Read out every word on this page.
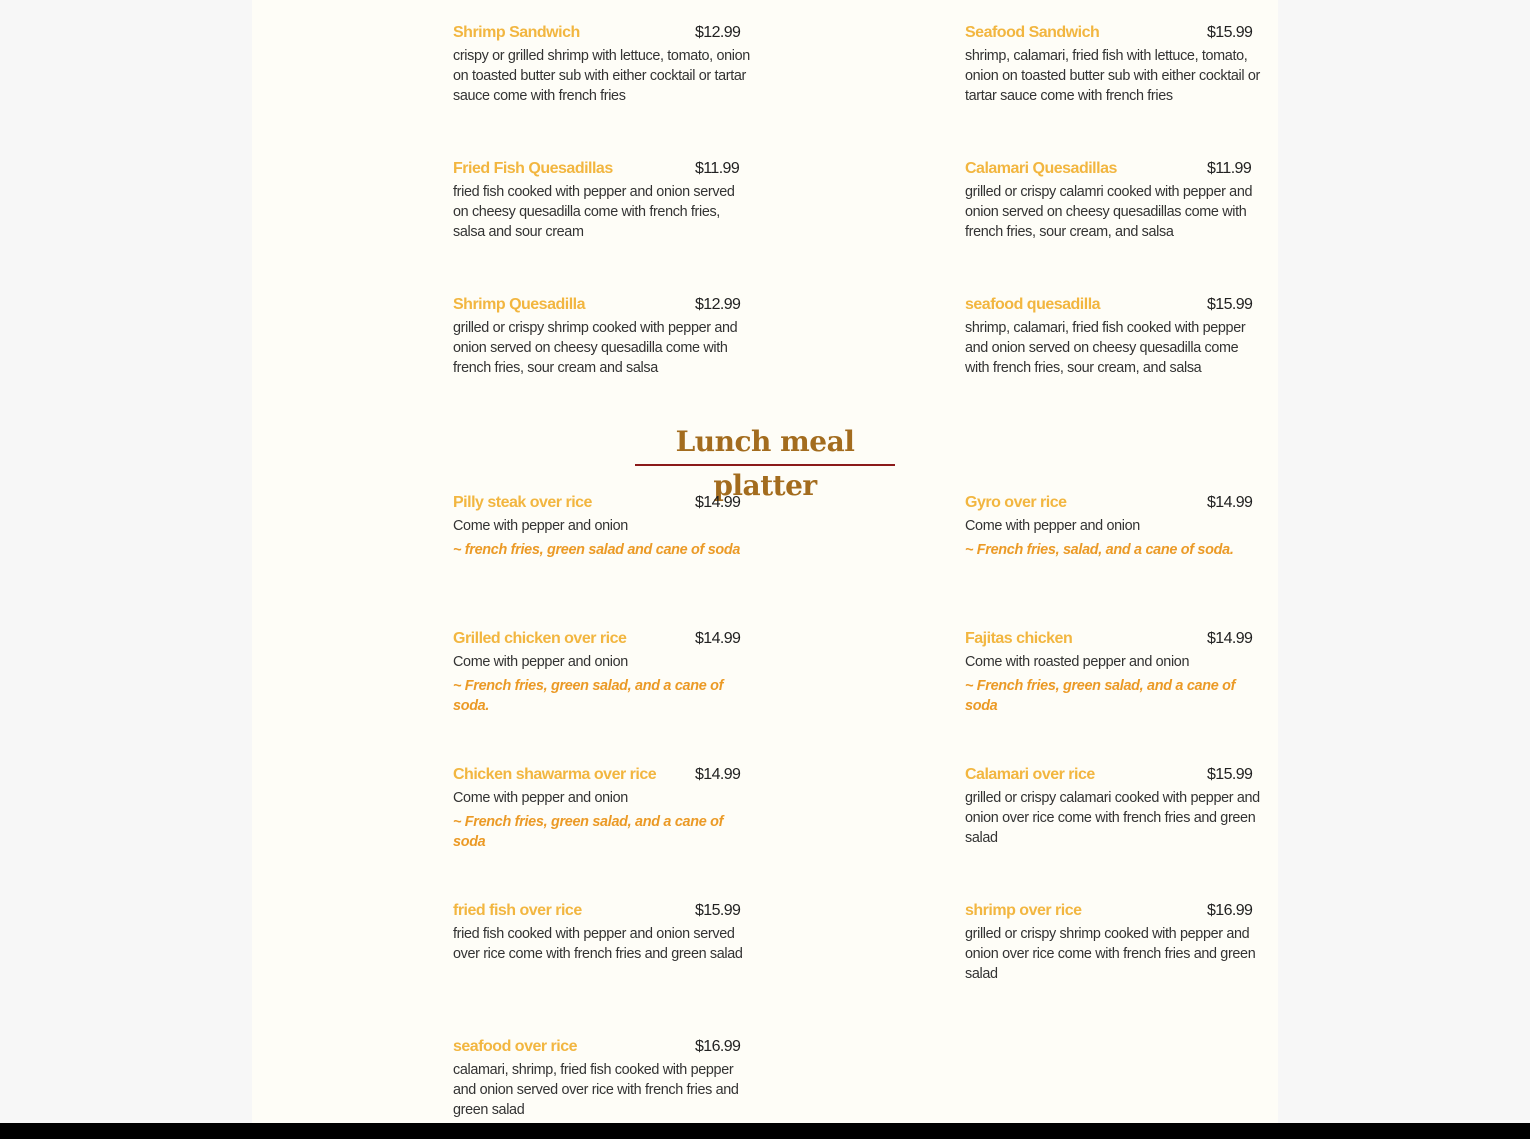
Shrimp Sandwich	$12.99
crispy or grilled shrimp with lettuce, tomato, onion on toasted butter sub with either cocktail or tartar sauce come with french fries
Seafood Sandwich	$15.99
shrimp, calamari, fried fish with lettuce, tomato, onion on toasted butter sub with either cocktail or tartar sauce come with french fries
Fried Fish Quesadillas	$11.99
fried fish cooked with pepper and onion served on cheesy quesadilla come with french fries, salsa and sour cream
Calamari Quesadillas	$11.99
grilled or crispy calamri cooked with pepper and onion served on cheesy quesadillas come with french fries, sour cream, and salsa
Shrimp Quesadilla	$12.99
grilled or crispy shrimp cooked with pepper and onion served on cheesy quesadilla come with french fries, sour cream and salsa
seafood quesadilla	$15.99
shrimp, calamari, fried fish cooked with pepper and onion served on cheesy quesadilla come with french fries, sour cream, and salsa
Lunch meal platter
Pilly steak over rice	$14.99
Come with pepper and onion
~ french fries, green salad and cane of soda
Gyro over rice	$14.99
Come with pepper and onion
~ French fries, salad, and a cane of soda.
Grilled chicken over rice	$14.99
Come with pepper and onion
~ French fries, green salad, and a cane of soda.
Fajitas chicken	$14.99
Come with roasted pepper and onion
~ French fries, green salad, and a cane of soda
Chicken shawarma over rice $14.99
Come with pepper and onion
~ French fries, green salad, and a cane of soda
Calamari over rice	$15.99
grilled or crispy calamari cooked with pepper and onion over rice come with french fries and green salad
fried fish over rice	$15.99
fried fish cooked with pepper and onion served over rice come with french fries and green salad
shrimp over rice	$16.99
grilled or crispy shrimp cooked with pepper and onion over rice come with french fries and green salad
seafood over rice	$16.99
calamari, shrimp, fried fish cooked with pepper and onion served over rice with french fries and green salad
